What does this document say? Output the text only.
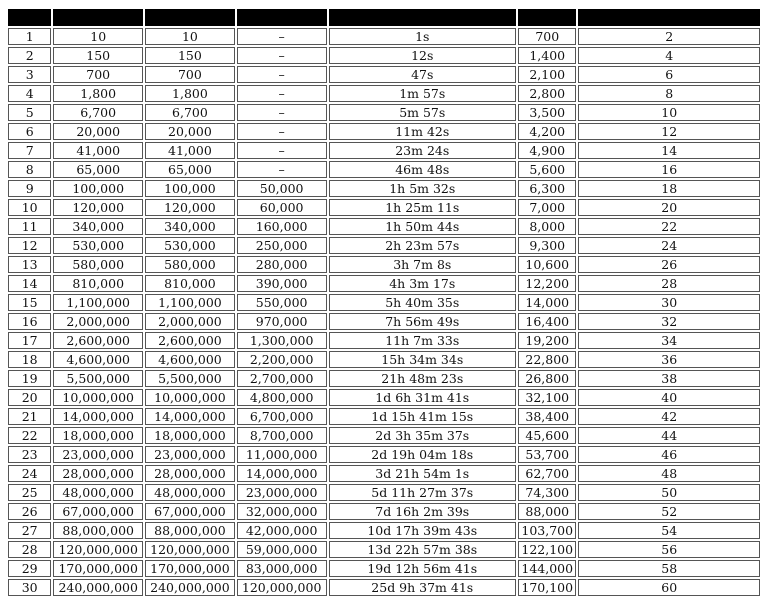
1	10	10	–	1s	700	2
2	150	150	–	12s	1,400	4
3	700	700	–	47s	2,100	6
4	1,800	1,800	–	1m 57s	2,800	8
5	6,700	6,700	–	5m 57s	3,500	10
6	20,000	20,000	–	11m 42s	4,200	12
7	41,000	41,000	–	23m 24s	4,900	14
8	65,000	65,000	–	46m 48s	5,600	16
9	100,000	100,000	50,000	1h 5m 32s	6,300	18
10	120,000	120,000	60,000	1h 25m 11s	7,000	20
11	340,000	340,000	160,000	1h 50m 44s	8,000	22
12	530,000	530,000	250,000	2h 23m 57s	9,300	24
13	580,000	580,000	280,000	3h 7m 8s	10,600	26
14	810,000	810,000	390,000	4h 3m 17s	12,200	28
15	1,100,000	1,100,000	550,000	5h 40m 35s	14,000	30
16	2,000,000	2,000,000	970,000	7h 56m 49s	16,400	32
17	2,600,000	2,600,000	1,300,000	11h 7m 33s	19,200	34
18	4,600,000	4,600,000	2,200,000	15h 34m 34s	22,800	36
19	5,500,000	5,500,000	2,700,000	21h 48m 23s	26,800	38
20	10,000,000	10,000,000	4,800,000	1d 6h 31m 41s	32,100	40
21	14,000,000	14,000,000	6,700,000	1d 15h 41m 15s	38,400	42
22	18,000,000	18,000,000	8,700,000	2d 3h 35m 37s	45,600	44
23	23,000,000	23,000,000	11,000,000	2d 19h 04m 18s	53,700	46
24	28,000,000	28,000,000	14,000,000	3d 21h 54m 1s	62,700	48
25	48,000,000	48,000,000	23,000,000	5d 11h 27m 37s	74,300	50
26	67,000,000	67,000,000	32,000,000	7d 16h 2m 39s	88,000	52
27	88,000,000	88,000,000	42,000,000	10d 17h 39m 43s	103,700	54
28	120,000,000	120,000,000	59,000,000	13d 22h 57m 38s	122,100	56
29	170,000,000	170,000,000	83,000,000	19d 12h 56m 41s	144,000	58
30	240,000,000	240,000,000	120,000,000	25d 9h 37m 41s	170,100	60
